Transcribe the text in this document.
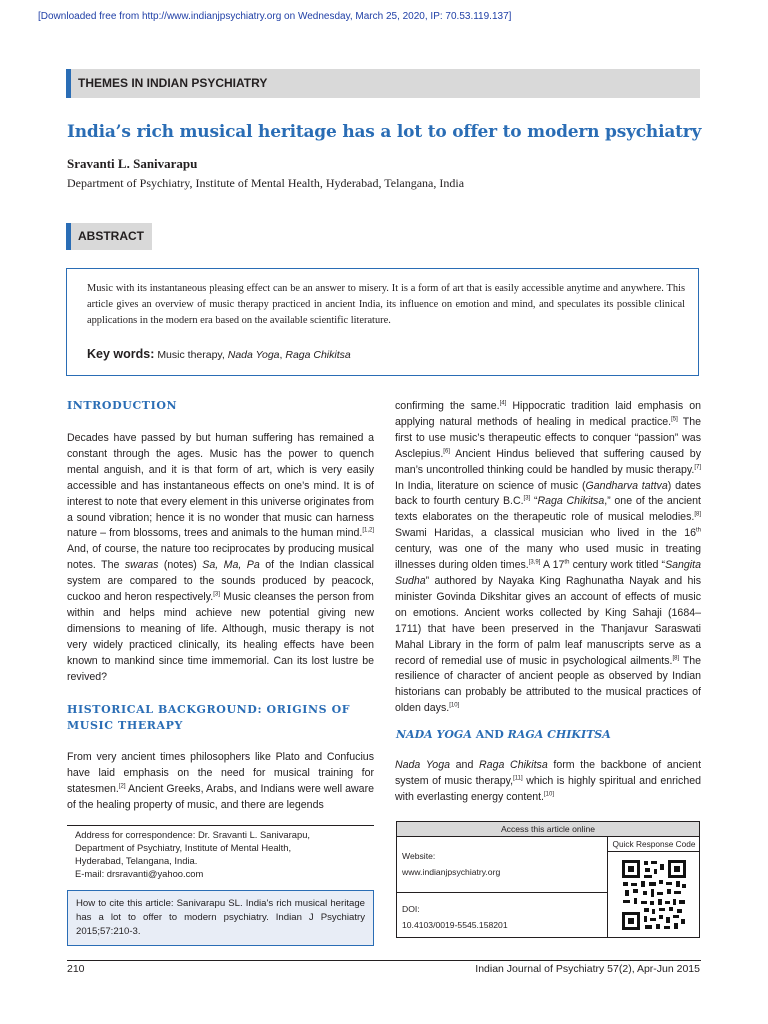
[Downloaded free from http://www.indianjpsychiatry.org on Wednesday, March 25, 2020, IP: 70.53.119.137]
THEMES IN INDIAN PSYCHIATRY
India’s rich musical heritage has a lot to offer to modern psychiatry
Sravanti L. Sanivarapu
Department of Psychiatry, Institute of Mental Health, Hyderabad, Telangana, India
ABSTRACT
Music with its instantaneous pleasing effect can be an answer to misery. It is a form of art that is easily accessible anytime and anywhere. This article gives an overview of music therapy practiced in ancient India, its influence on emotion and mind, and speculates its possible clinical applications in the modern era based on the available scientific literature.
Key words: Music therapy, Nada Yoga, Raga Chikitsa
INTRODUCTION

Decades have passed by but human suffering has remained a constant through the ages. Music has the power to quench mental anguish, and it is that form of art, which is very easily accessible and has instantaneous effects on one’s mind. It is of interest to note that every element in this universe originates from a sound vibration; hence it is no wonder that music can harness nature – from blossoms, trees and animals to the human mind.[1,2] And, of course, the nature too reciprocates by producing musical notes. The swaras (notes) Sa, Ma, Pa of the Indian classical system are compared to the sounds produced by peacock, cuckoo and heron respectively.[3] Music cleanses the person from within and helps mind achieve new potential giving new dimensions to meaning of life. Although, music therapy is not very widely practiced clinically, its healing effects have been known to mankind since time immemorial. Can its lost lustre be revived?

HISTORICAL BACKGROUND: ORIGINS OF
MUSIC THERAPY

From very ancient times philosophers like Plato and Confucius have laid emphasis on the need for musical training for statesmen.[2] Ancient Greeks, Arabs, and Indians were well aware of the healing property of music, and there are legends

confirming the same.[4] Hippocratic tradition laid emphasis on applying natural methods of healing in medical practice.[5] The first to use music’s therapeutic effects to conquer “passion” was Asclepius.[6] Ancient Hindus believed that suffering caused by man’s uncontrolled thinking could be handled by music therapy.[7] In India, literature on science of music (Gandharva tattva) dates back to fourth century B.C.[3] “Raga Chikitsa,” one of the ancient texts elaborates on the therapeutic role of musical melodies.[8] Swami Haridas, a classical musician who lived in the 16th century, was one of the many who used music in treating illnesses during olden times.[3,9] A 17th century work titled “Sangita Sudha” authored by Nayaka King Raghunatha Nayak and his minister Govinda Dikshitar gives an account of effects of music on emotions. Ancient works collected by King Sahaji (1684–1711) that have been preserved in the Thanjavur Saraswati Mahal Library in the form of palm leaf manuscripts serve as a record of remedial use of music in psychological ailments.[8] The resilience of character of ancient people as observed by Indian historians can probably be attributed to the musical practices of olden days.[10]

NADA YOGA AND RAGA CHIKITSA

Nada Yoga and Raga Chikitsa form the backbone of ancient system of music therapy,[11] which is highly spiritual and enriched with everlasting energy content.[10]

Address for correspondence: Dr. Sravanti L. Sanivarapu,
Department of Psychiatry, Institute of Mental Health,
Hyderabad, Telangana, India.
E-mail: drsravanti@yahoo.com
How to cite this article: Sanivarapu SL. India's rich musical heritage has a lot to offer to modern psychiatry. Indian J Psychiatry 2015;57:210-3.
Access this article online
Quick Response Code
Website:
www.indianjpsychiatry.org
DOI:
10.4103/0019-5545.158201
210	Indian Journal of Psychiatry 57(2), Apr-Jun 2015
